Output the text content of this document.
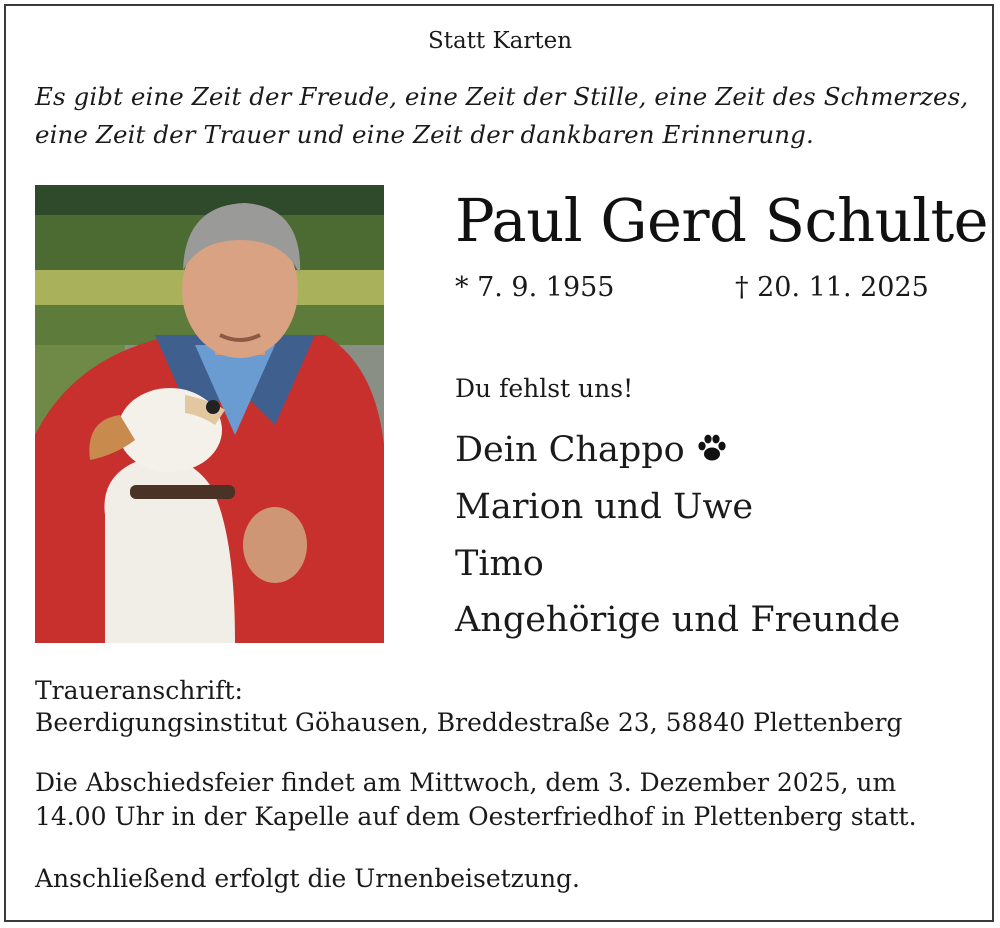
Statt Karten

Es gibt eine Zeit der Freude, eine Zeit der Stille, eine Zeit des Schmerzes,

eine Zeit der Trauer und eine Zeit der dankbaren Erinnerung.

Paul Gerd Schulte

* 7. 9. 1955	† 20. 11. 2025

Du fehlst uns!

Dein Chappo

Marion und Uwe

Timo

Angehörige und Freunde

Traueranschrift:

Beerdigungsinstitut Göhausen, Breddestraße 23, 58840 Plettenberg

Die Abschiedsfeier findet am Mittwoch, dem 3. Dezember 2025, um

14.00 Uhr in der Kapelle auf dem Oesterfriedhof in Plettenberg statt.

Anschließend erfolgt die Urnenbeisetzung.
